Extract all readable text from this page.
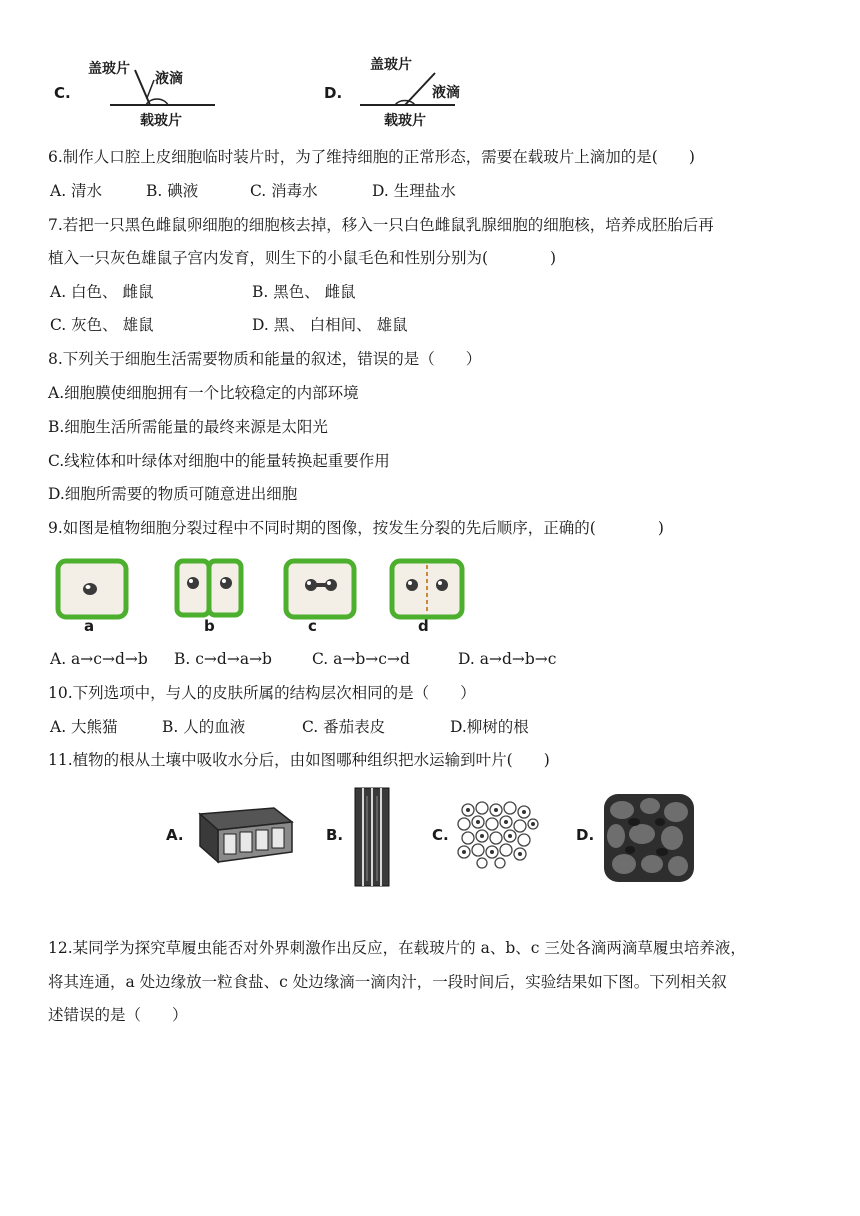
C.
盖玻片
液滴
载玻片
D.
盖玻片
液滴
载玻片
6.制作人口腔上皮细胞临时装片时，为了维持细胞的正常形态，需要在载玻片上滴加的是(　　)
A. 清水	B. 碘液	C. 消毒水	D. 生理盐水
7.若把一只黑色雌鼠卵细胞的细胞核去掉，移入一只白色雌鼠乳腺细胞的细胞核，培养成胚胎后再
植入一只灰色雄鼠子宫内发育，则生下的小鼠毛色和性别分别为(　　　　)
A. 白色、 雌鼠	B. 黑色、 雌鼠
C. 灰色、 雄鼠	D. 黑、 白相间、 雄鼠
8.下列关于细胞生活需要物质和能量的叙述，错误的是（　　）
A.细胞膜使细胞拥有一个比较稳定的内部环境
B.细胞生活所需能量的最终来源是太阳光
C.线粒体和叶绿体对细胞中的能量转换起重要作用
D.细胞所需要的物质可随意进出细胞
9.如图是植物细胞分裂过程中不同时期的图像，按发生分裂的先后顺序，正确的(　　　　)
a	b	c	d
A. a→c→d→b B. c→d→a→b	C. a→b→c→d	D. a→d→b→c
10.下列选项中，与人的皮肤所属的结构层次相同的是（　　）
A. 大熊猫	B. 人的血液	C. 番茄表皮	D.柳树的根
11.植物的根从土壤中吸收水分后，由如图哪种组织把水运输到叶片(　　)
A.	B.	C.	D.
12.某同学为探究草履虫能否对外界刺激作出反应，在载玻片的 a、b、c 三处各滴两滴草履虫培养液，
将其连通，a 处边缘放一粒食盐、c 处边缘滴一滴肉汁，一段时间后，实验结果如下图。下列相关叙
述错误的是（　　）
